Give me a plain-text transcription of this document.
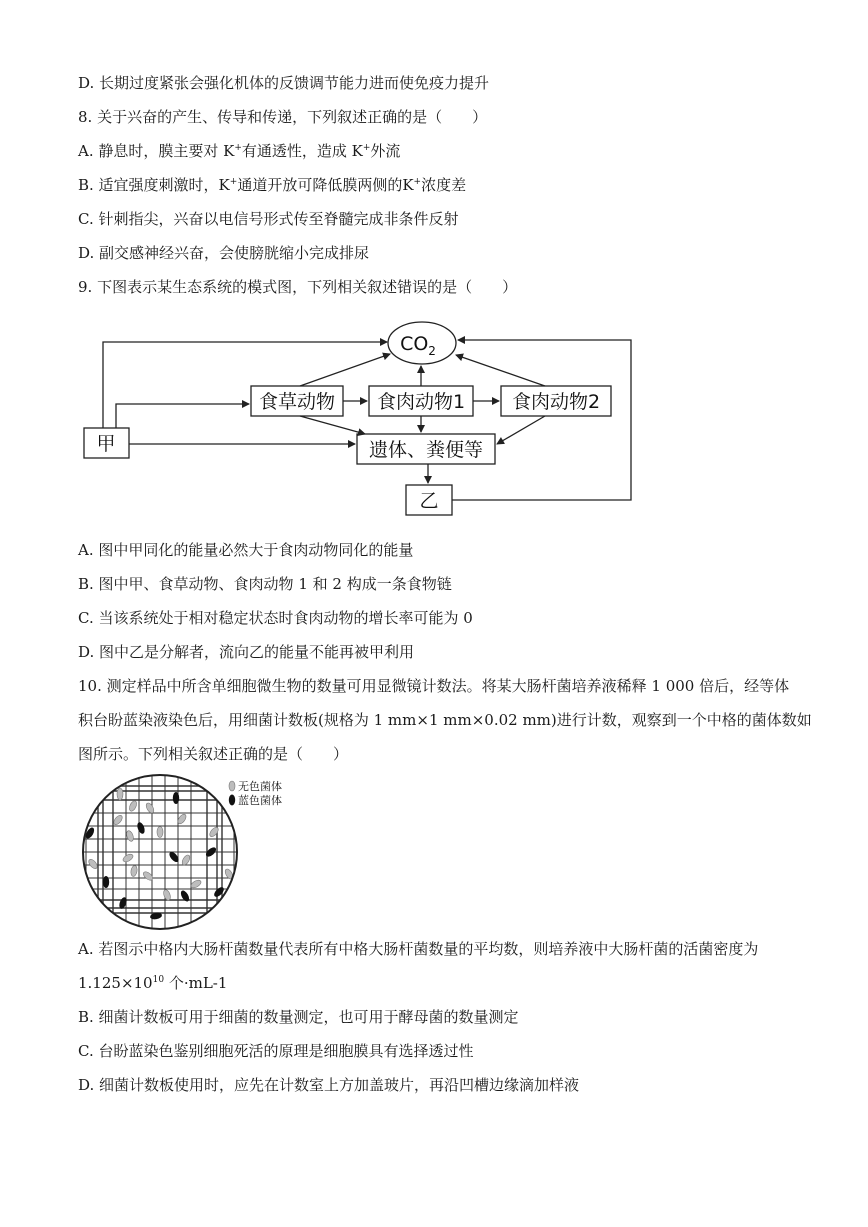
D. 长期过度紧张会强化机体的反馈调节能力进而使免疫力提升
8. 关于兴奋的产生、传导和传递，下列叙述正确的是（　　）
A. 静息时，膜主要对 K+有通透性，造成 K+外流
B. 适宜强度刺激时，K+通道开放可降低膜两侧的K+浓度差
C. 针刺指尖，兴奋以电信号形式传至脊髓完成非条件反射
D. 副交感神经兴奋，会使膀胱缩小完成排尿
9. 下图表示某生态系统的模式图，下列相关叙述错误的是（　　）
$CO_2$
食草动物 食肉动物1 食肉动物2
甲	遗体、粪便等
乙
A. 图中甲同化的能量必然大于食肉动物同化的能量
B. 图中甲、食草动物、食肉动物 1 和 2 构成一条食物链
C. 当该系统处于相对稳定状态时食肉动物的增长率可能为 0
D. 图中乙是分解者，流向乙的能量不能再被甲利用
10. 测定样品中所含单细胞微生物的数量可用显微镜计数法。将某大肠杆菌培养液稀释 1 000 倍后，经等体
积台盼蓝染液染色后，用细菌计数板(规格为 1 mm×1 mm×0.02 mm)进行计数，观察到一个中格的菌体数如
图所示。下列相关叙述正确的是（　　）
无色菌体
蓝色菌体
A. 若图示中格内大肠杆菌数量代表所有中格大肠杆菌数量的平均数，则培养液中大肠杆菌的活菌密度为
$1.125\times 10^{10}$ 个·mL-1
B. 细菌计数板可用于细菌的数量测定，也可用于酵母菌的数量测定
C. 台盼蓝染色鉴别细胞死活的原理是细胞膜具有选择透过性
D. 细菌计数板使用时，应先在计数室上方加盖玻片，再沿凹槽边缘滴加样液
